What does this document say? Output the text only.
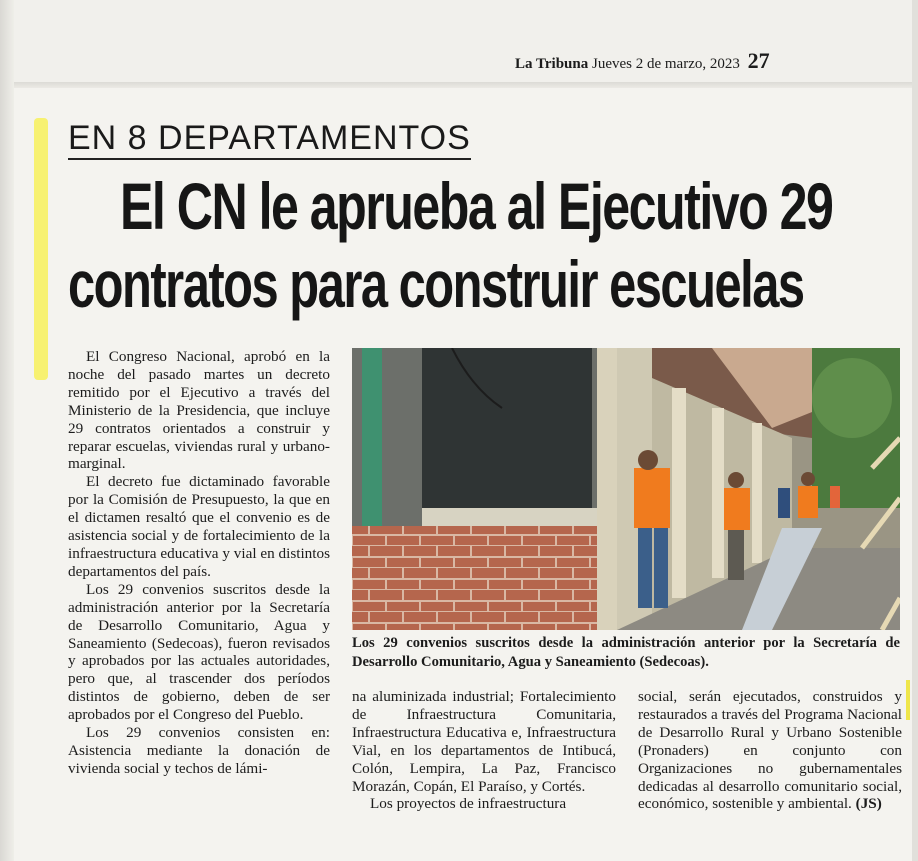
La Tribuna Jueves 2 de marzo, 2023 27
EN 8 DEPARTAMENTOS
El CN le aprueba al Ejecutivo 29
contratos para construir escuelas

El Congreso Nacional, aprobó en la noche del pasado martes un decreto remitido por el Ejecutivo a través del Ministerio de la Presidencia, que incluye 29 contratos orientados a construir y reparar escuelas, viviendas rural y urbano-marginal.

El decreto fue dictaminado favorable por la Comisión de Presupuesto, la que en el dictamen resaltó que el convenio es de asistencia social y de fortalecimiento de la infraestructura educativa y vial en distintos departamentos del país.

Los 29 convenios suscritos desde la administración anterior por la Secretaría de Desarrollo Comunitario, Agua y Saneamiento (Sedecoas), fueron revisados y aprobados por las actuales autoridades, pero que, al trascender dos períodos distintos de gobierno, deben de ser aprobados por el Congreso del Pueblo.

Los 29 convenios consisten en: Asistencia mediante la donación de vivienda social y techos de lámi-

Los 29 convenios suscritos desde la administración anterior por la Secretaría de Desarrollo Comunitario, Agua y Saneamiento (Sedecoas).

na aluminizada industrial; Fortalecimiento de Infraestructura Comunitaria, Infraestructura Educativa e, Infraestructura Vial, en los departamentos de Intibucá, Colón, Lempira, La Paz, Francisco Morazán, Copán, El Paraíso, y Cortés.

Los proyectos de infraestructura

social, serán ejecutados, construidos y restaurados a través del Programa Nacional de Desarrollo Rural y Urbano Sostenible (Pronaders) en conjunto con Organizaciones no gubernamentales dedicadas al desarrollo comunitario social, económico, sostenible y ambiental. (JS)
